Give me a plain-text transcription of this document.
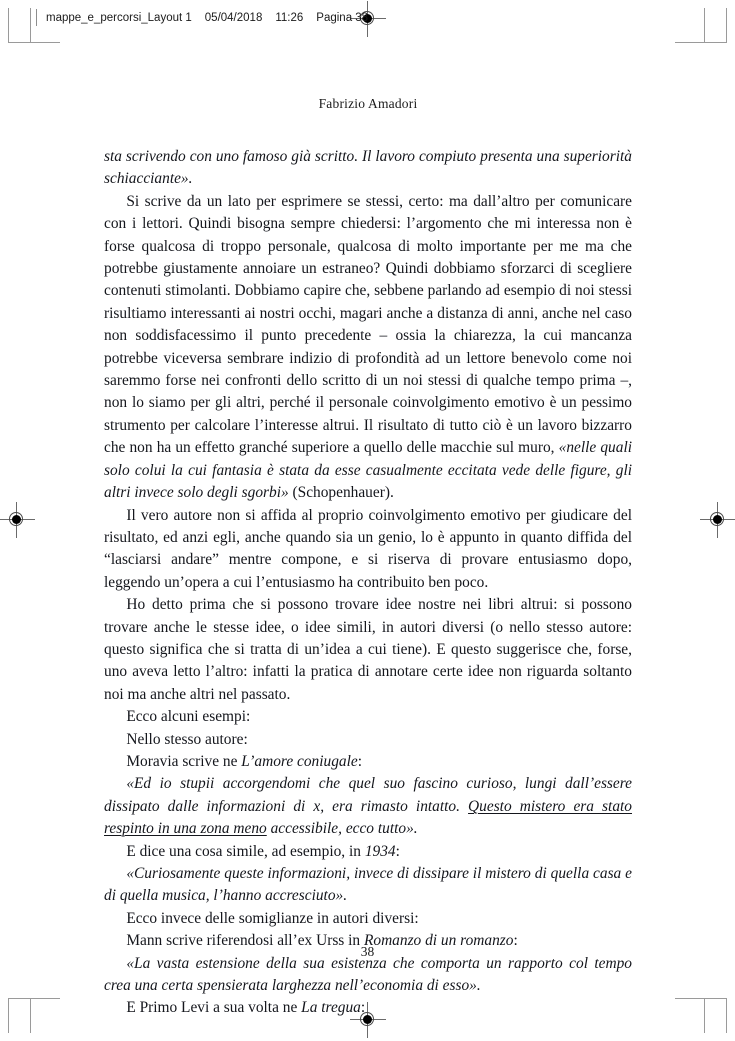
mappe_e_percorsi_Layout 1 05/04/2018 11:26 Pagina 38
Fabrizio Amadori

sta scrivendo con uno famoso già scritto. Il lavoro compiuto presenta una superiorità schiacciante».

Si scrive da un lato per esprimere se stessi, certo: ma dall’altro per comunicare con i lettori. Quindi bisogna sempre chiedersi: l’argomento che mi interessa non è forse qualcosa di troppo personale, qualcosa di molto importante per me ma che potrebbe giustamente annoiare un estraneo? Quindi dobbiamo sforzarci di scegliere contenuti stimolanti. Dobbiamo capire che, sebbene parlando ad esempio di noi stessi risultiamo interessanti ai nostri occhi, magari anche a distanza di anni, anche nel caso non soddisfacessimo il punto precedente – ossia la chiarezza, la cui mancanza potrebbe viceversa sembrare indizio di profondità ad un lettore benevolo come noi saremmo forse nei confronti dello scritto di un noi stessi di qualche tempo prima –, non lo siamo per gli altri, perché il personale coinvolgimento emotivo è un pessimo strumento per calcolare l’interesse altrui. Il risultato di tutto ciò è un lavoro bizzarro che non ha un effetto granché superiore a quello delle macchie sul muro, «nelle quali solo colui la cui fantasia è stata da esse casualmente eccitata vede delle figure, gli altri invece solo degli sgorbi» (Schopenhauer).

Il vero autore non si affida al proprio coinvolgimento emotivo per giudicare del risultato, ed anzi egli, anche quando sia un genio, lo è appunto in quanto diffida del “lasciarsi andare” mentre compone, e si riserva di provare entusiasmo dopo, leggendo un’opera a cui l’entusiasmo ha contribuito ben poco.

Ho detto prima che si possono trovare idee nostre nei libri altrui: si possono trovare anche le stesse idee, o idee simili, in autori diversi (o nello stesso autore: questo significa che si tratta di un’idea a cui tiene). E questo suggerisce che, forse, uno aveva letto l’altro: infatti la pratica di annotare certe idee non riguarda soltanto noi ma anche altri nel passato.

Ecco alcuni esempi:

Nello stesso autore:

Moravia scrive ne L’amore coniugale:

«Ed io stupii accorgendomi che quel suo fascino curioso, lungi dall’essere dissipato dalle informazioni di x, era rimasto intatto. Questo mistero era stato respinto in una zona meno accessibile, ecco tutto».

E dice una cosa simile, ad esempio, in 1934:

«Curiosamente queste informazioni, invece di dissipare il mistero di quella casa e di quella musica, l’hanno accresciuto».

Ecco invece delle somiglianze in autori diversi:

Mann scrive riferendosi all’ex Urss in Romanzo di un romanzo:

«La vasta estensione della sua esistenza che comporta un rapporto col tempo crea una certa spensierata larghezza nell’economia di esso».

E Primo Levi a sua volta ne La tregua:

38
